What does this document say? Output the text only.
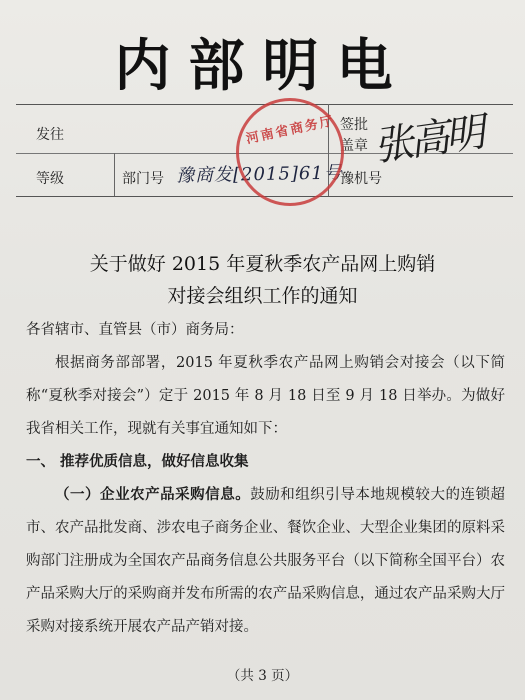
内部明电
发往
签批
盖章
等级	部门号 豫商发[2015]61号
豫机号
河南省商务厅 张高明
关于做好 2015 年夏秋季农产品网上购销
对接会组织工作的通知

各省辖市、直管县（市）商务局：

根据商务部部署，2015 年夏秋季农产品网上购销会对接会（以下简称“夏秋季对接会”）定于 2015 年 8 月 18 日至 9 月 18 日举办。为做好我省相关工作，现就有关事宜通知如下：

一、 推荐优质信息，做好信息收集

（一）企业农产品采购信息。鼓励和组织引导本地规模较大的连锁超市、农产品批发商、涉农电子商务企业、餐饮企业、大型企业集团的原料采购部门注册成为全国农产品商务信息公共服务平台（以下简称全国平台）农产品采购大厅的采购商并发布所需的农产品采购信息，通过农产品采购大厅采购对接系统开展农产品产销对接。

（共 3 页）
